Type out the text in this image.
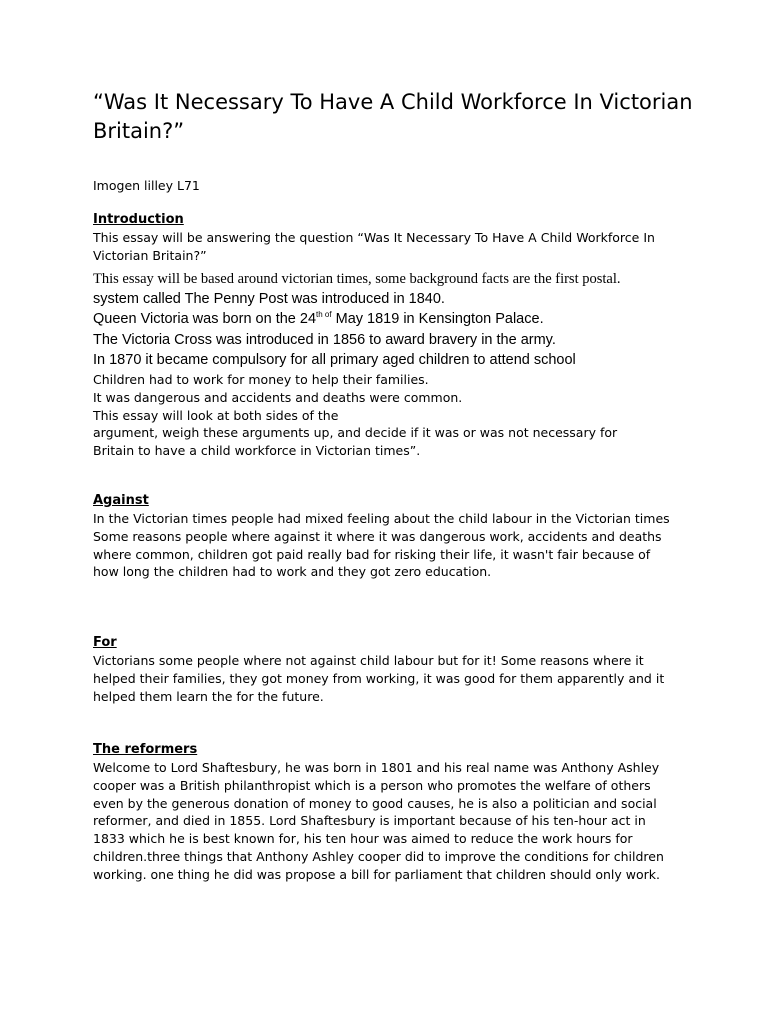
“Was It Necessary To Have A Child Workforce In Victorian Britain?”
Imogen lilley L71

Introduction

This essay will be answering the question “Was It Necessary To Have A Child Workforce In
Victorian Britain?”

This essay will be based around victorian times, some background facts are the first postal.

system called The Penny Post was introduced in 1840.

Queen Victoria was born on the $24^{th of}$ May 1819 in Kensington Palace.

The Victoria Cross was introduced in 1856 to award bravery in the army.

In 1870 it became compulsory for all primary aged children to attend school

Children had to work for money to help their families.
It was dangerous and accidents and deaths were common.
This essay will look at both sides of the
argument, weigh these arguments up, and decide if it was or was not necessary for
Britain to have a child workforce in Victorian times”.

Against

In the Victorian times people had mixed feeling about the child labour in the Victorian times
Some reasons people where against it where it was dangerous work, accidents and deaths
where common, children got paid really bad for risking their life, it wasn't fair because of
how long the children had to work and they got zero education.

For

Victorians some people where not against child labour but for it! Some reasons where it
helped their families, they got money from working, it was good for them apparently and it
helped them learn the for the future.

The reformers

Welcome to Lord Shaftesbury, he was born in 1801 and his real name was Anthony Ashley
cooper was a British philanthropist which is a person who promotes the welfare of others
even by the generous donation of money to good causes, he is also a politician and social
reformer, and died in 1855. Lord Shaftesbury is important because of his ten-hour act in
1833 which he is best known for, his ten hour was aimed to reduce the work hours for
children.three things that Anthony Ashley cooper did to improve the conditions for children
working. one thing he did was propose a bill for parliament that children should only work.
